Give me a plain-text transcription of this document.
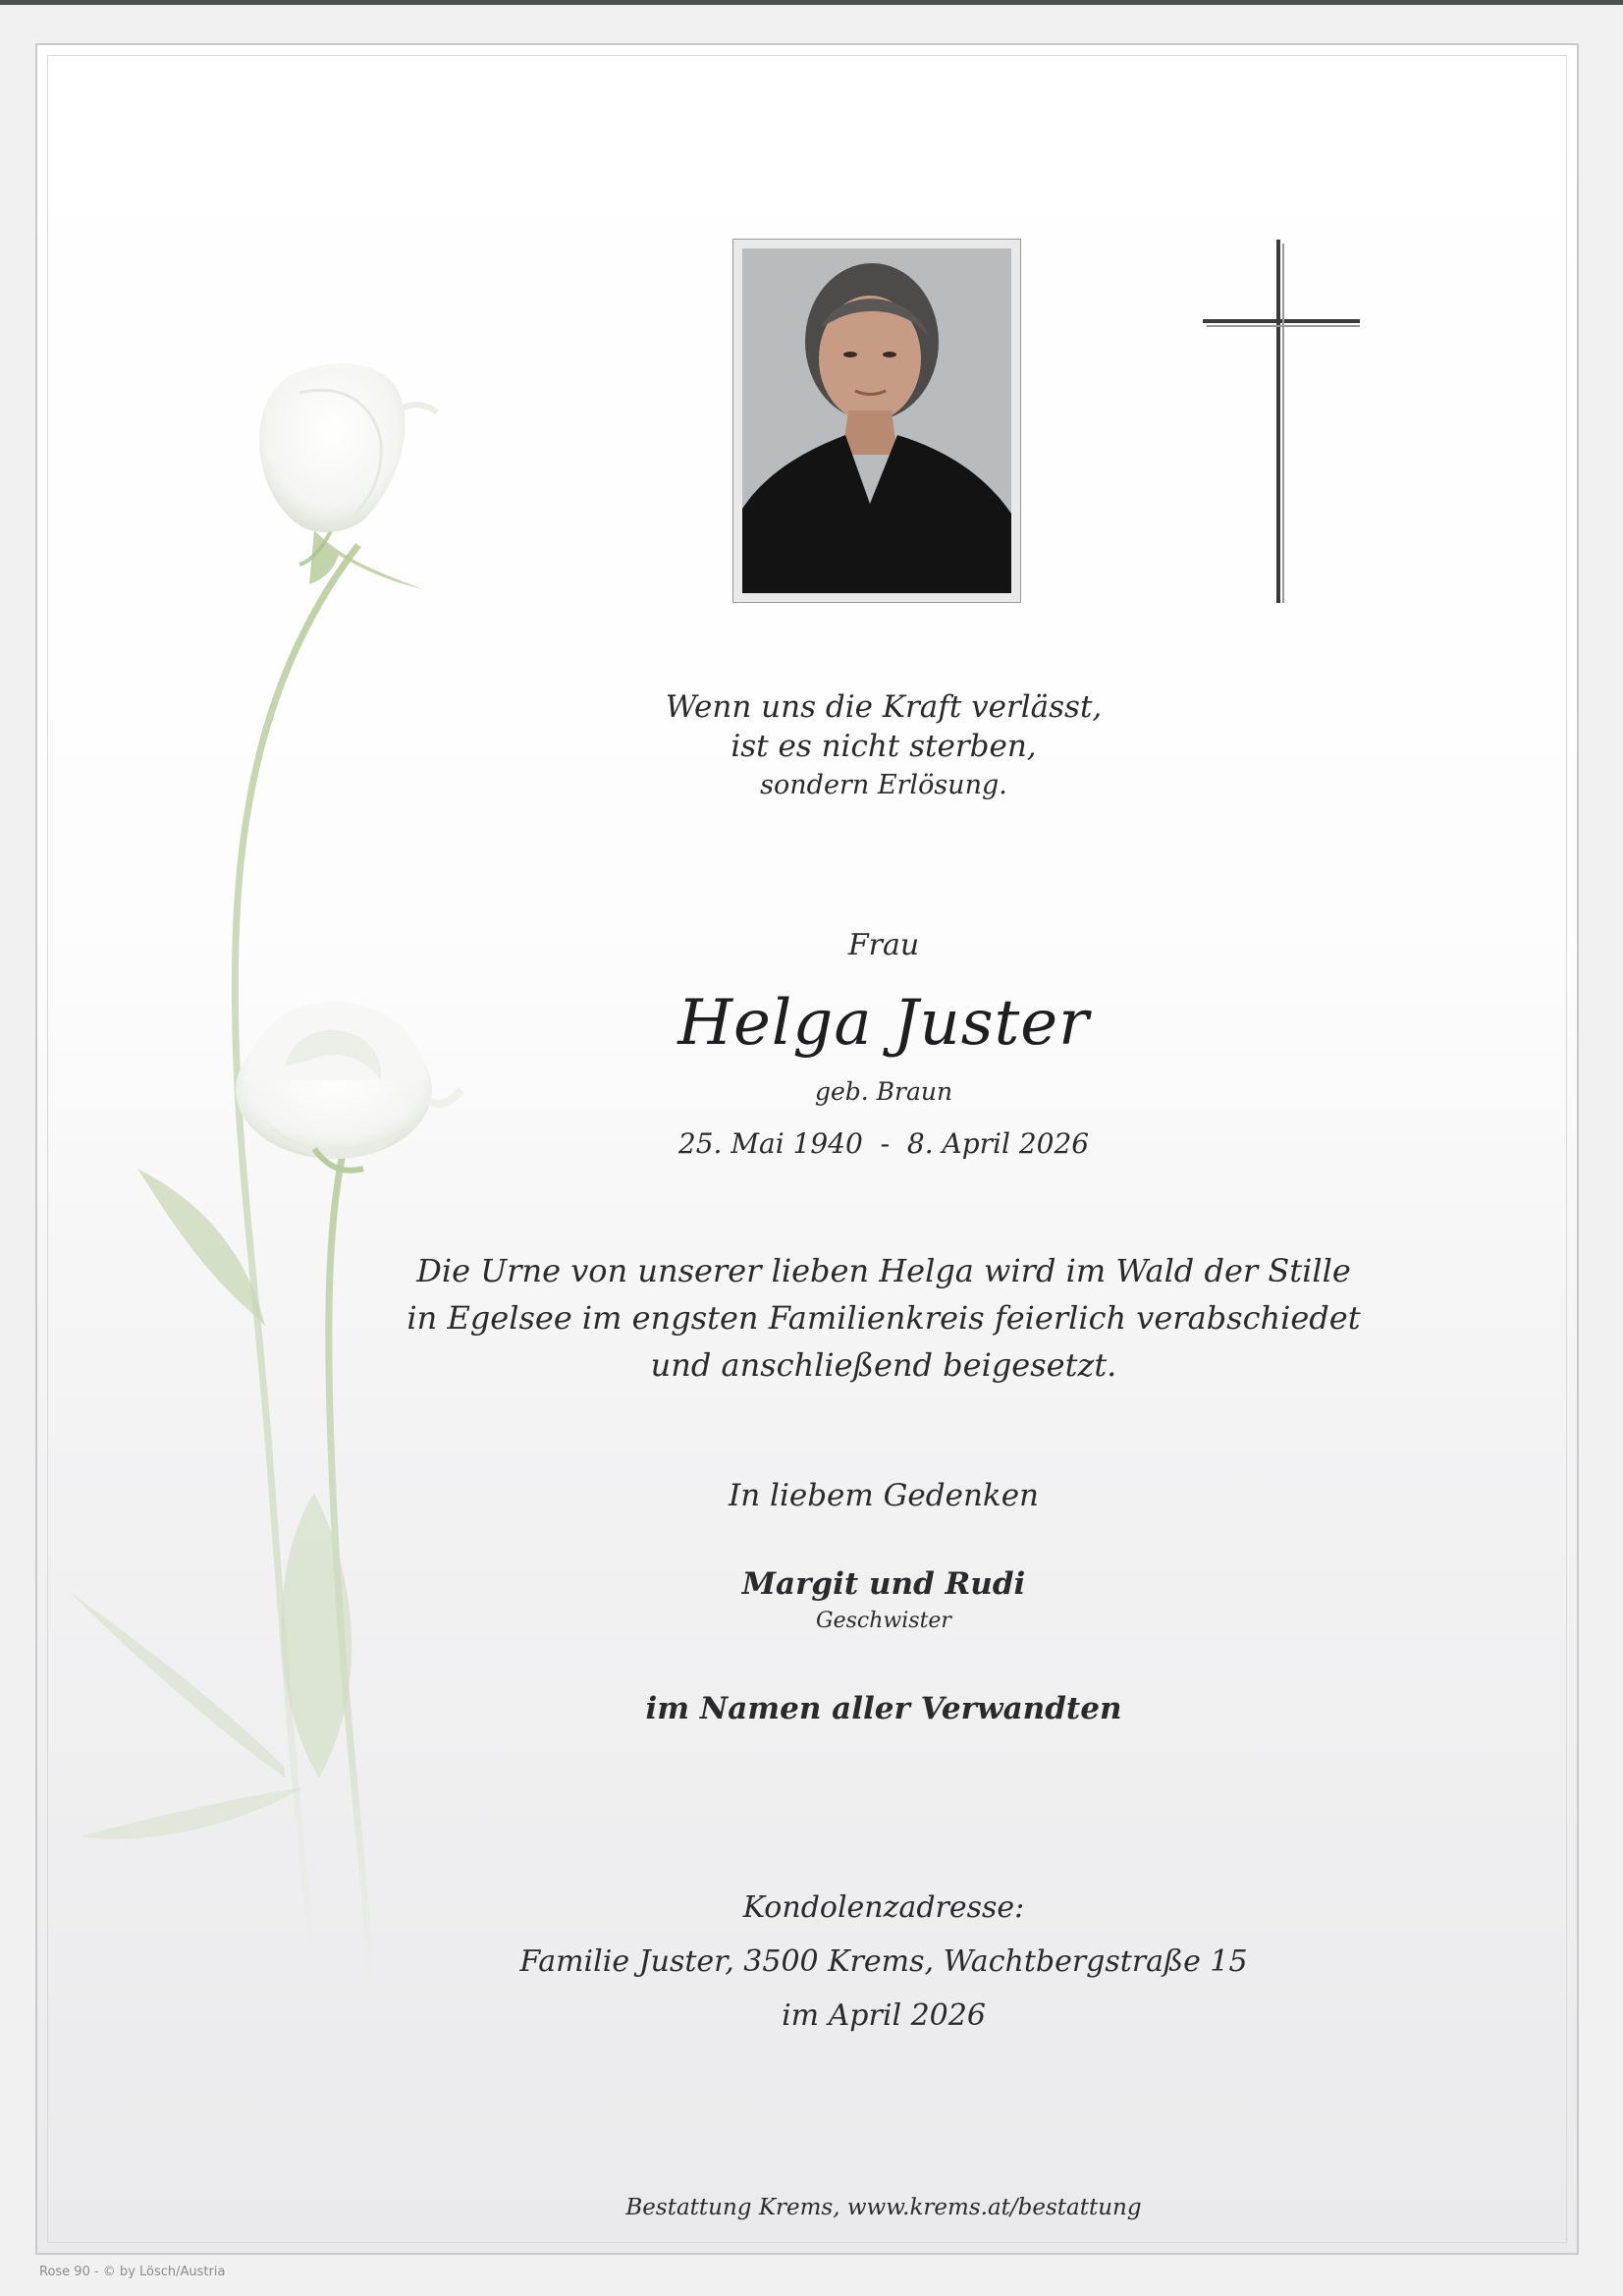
Wenn uns die Kraft verlässt,
ist es nicht sterben,
sondern Erlösung.
Frau
Helga Juster
geb. Braun
25. Mai 1940  -  8. April 2026
Die Urne von unserer lieben Helga wird im Wald der Stille
in Egelsee im engsten Familienkreis feierlich verabschiedet
und anschließend beigesetzt.
In liebem Gedenken
Margit und Rudi
Geschwister
im Namen aller Verwandten
Kondolenzadresse:
Familie Juster, 3500 Krems, Wachtbergstraße 15
im April 2026
Bestattung Krems, www.krems.at/bestattung
Rose 90 - © by Lösch/Austria
